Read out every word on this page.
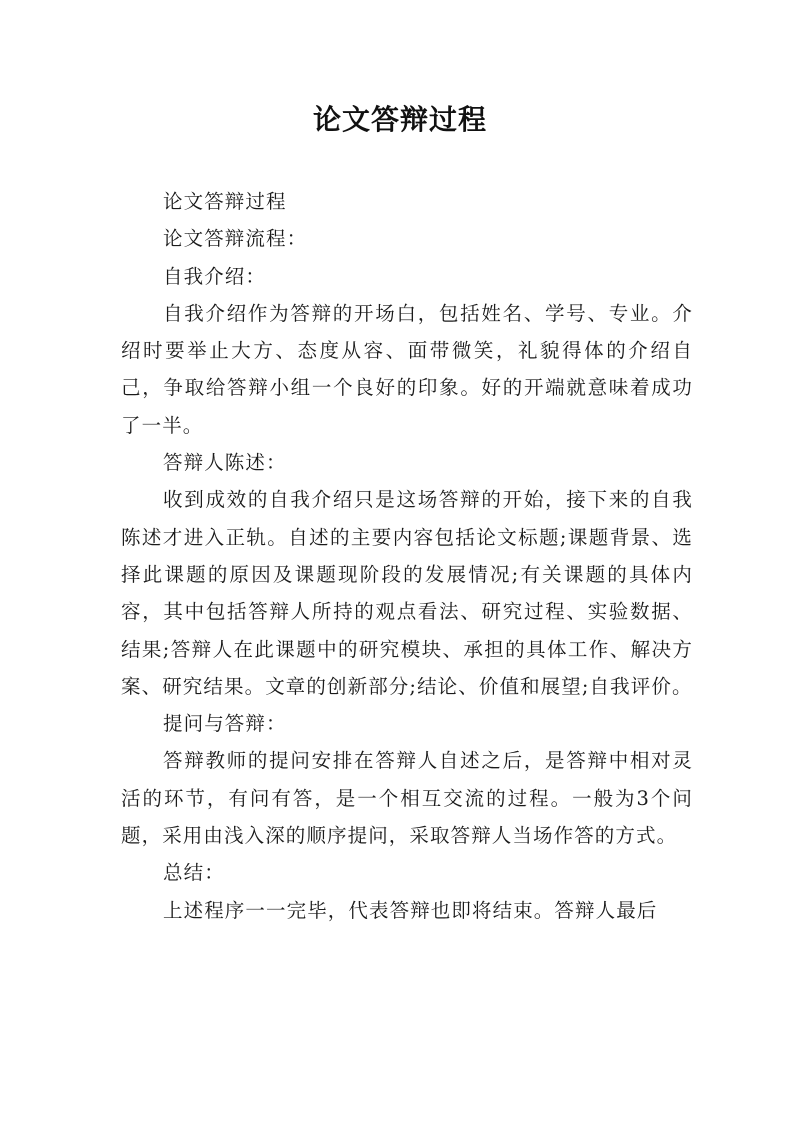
论文答辩过程

论文答辩过程

论文答辩流程：

自我介绍：

自我介绍作为答辩的开场白，包括姓名、学号、专业。介绍时要举止大方、态度从容、面带微笑，礼貌得体的介绍自己，争取给答辩小组一个良好的印象。好的开端就意味着成功了一半。

答辩人陈述：

收到成效的自我介绍只是这场答辩的开始，接下来的自我陈述才进入正轨。自述的主要内容包括论文标题;课题背景、选择此课题的原因及课题现阶段的发展情况;有关课题的具体内容，其中包括答辩人所持的观点看法、研究过程、实验数据、结果;答辩人在此课题中的研究模块、承担的具体工作、解决方案、研究结果。文章的创新部分;结论、价值和展望;自我评价。

提问与答辩：

答辩教师的提问安排在答辩人自述之后，是答辩中相对灵活的环节，有问有答，是一个相互交流的过程。一般为3个问题，采用由浅入深的顺序提问，采取答辩人当场作答的方式。

总结：

上述程序一一完毕，代表答辩也即将结束。答辩人最后
